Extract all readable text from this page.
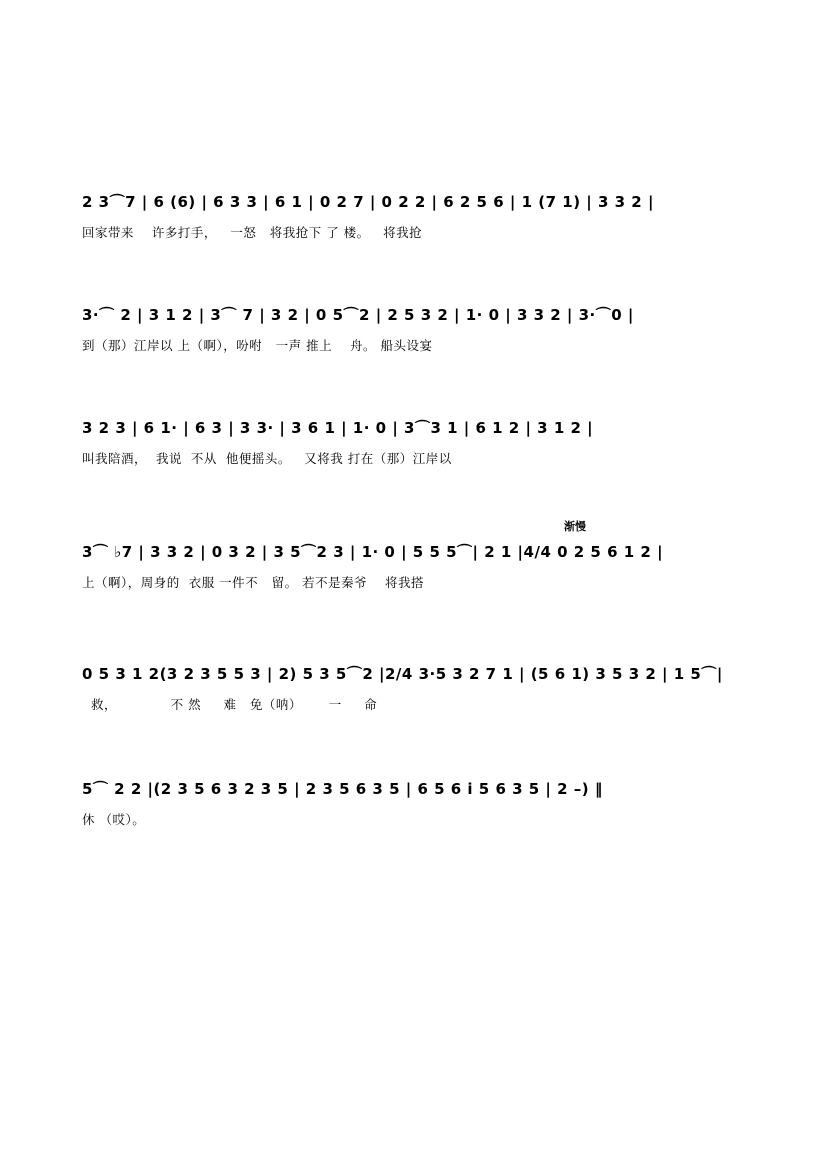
2 3⌒7 | 6 (6) | 6 3 3 | 6 1 | 0 2 7 | 0 2 2 | 6 2 5 6 | 1 (7 1) | 3 3 2 |
回家带来    许多打手，   一怒   将我抢下 了 楼。   将我抢
3·⌒ 2 | 3 1 2 | 3⌒ 7 | 3 2 | 0 5⌒2 | 2 5 3 2 | 1· 0 | 3 3 2 | 3·⌒0 |
到（那）江岸以 上（啊），吩咐   一声 推上    舟。 船头设宴
3 2 3 | 6 1· | 6 3 | 3 3· | 3 6 1 | 1· 0 | 3⌒3 1 | 6 1 2 | 3 1 2 |
叫我陪酒，  我说  不从  他便摇头。   又将我 打在（那）江岸以
渐慢
3⌒ ♭7 | 3 3 2 | 0 3 2 | 3 5⌒2 3 | 1· 0 | 5 5 5⌒| 2 1 |4/4 0 2 5 6 1 2 |
上（啊），周身的  衣服 一件不   留。 若不是秦爷    将我搭
0 5 3 1 2(3 2 3 5 5 3 | 2) 5 3 5⌒2 |2/4 3·5 3 2 7 1 | (5 6 1) 3 5 3 2 | 1 5⌒|
救，            不 然     难   免（呐）      一     命
5⌒ 2 2 |(2 3 5 6 3 2 3 5 | 2 3 5 6 3 5 | 6 5 6 i 5 6 3 5 | 2 –) ‖
休 （哎）。
